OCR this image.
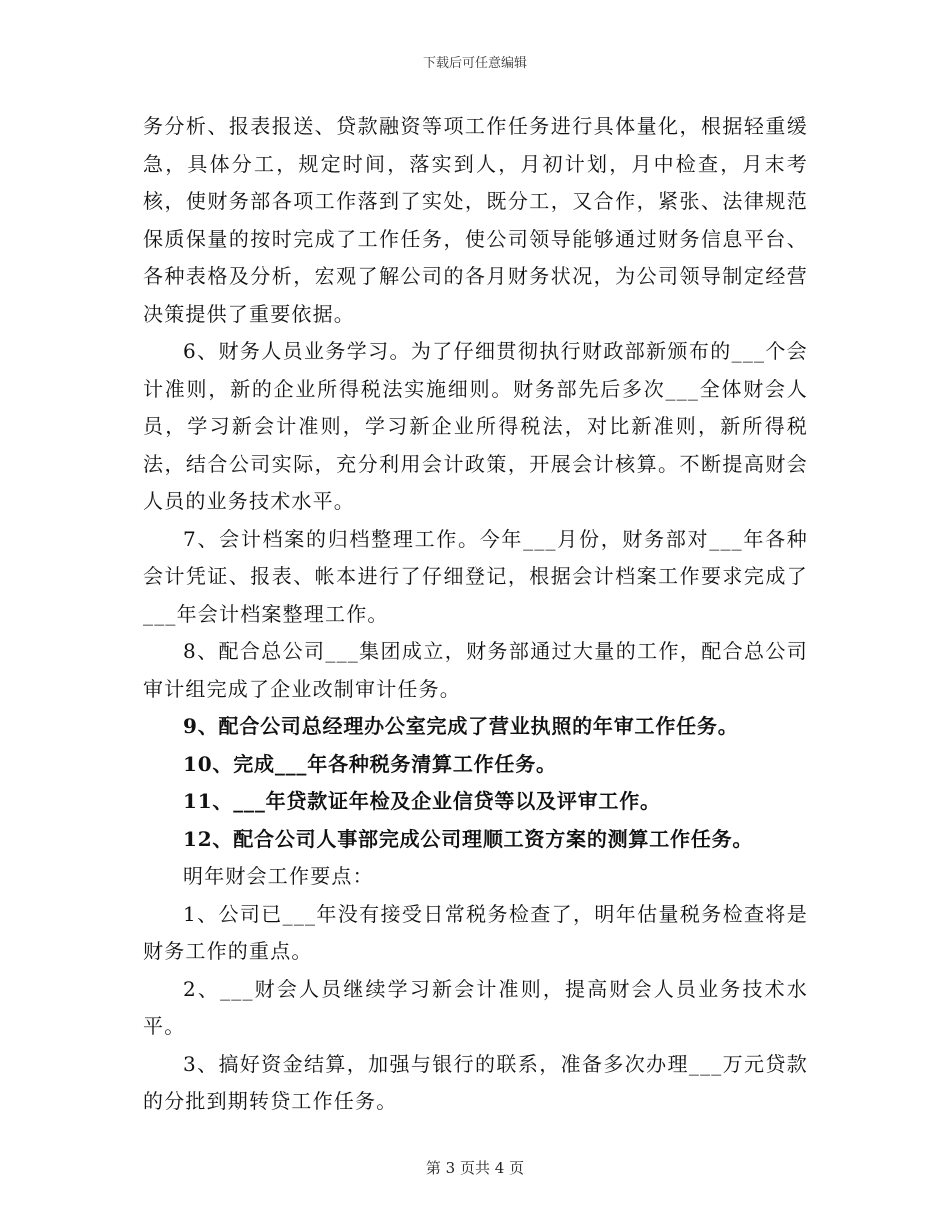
下载后可任意编辑

务分析、报表报送、贷款融资等项工作任务进行具体量化，根据轻重缓急，具体分工，规定时间，落实到人，月初计划，月中检查，月末考核，使财务部各项工作落到了实处，既分工，又合作，紧张、法律规范保质保量的按时完成了工作任务，使公司领导能够通过财务信息平台、各种表格及分析，宏观了解公司的各月财务状况，为公司领导制定经营决策提供了重要依据。

6、财务人员业务学习。为了仔细贯彻执行财政部新颁布的___个会计准则，新的企业所得税法实施细则。财务部先后多次___全体财会人员，学习新会计准则，学习新企业所得税法，对比新准则，新所得税法，结合公司实际，充分利用会计政策，开展会计核算。不断提高财会人员的业务技术水平。

7、会计档案的归档整理工作。今年___月份，财务部对___年各种会计凭证、报表、帐本进行了仔细登记，根据会计档案工作要求完成了___年会计档案整理工作。

8、配合总公司___集团成立，财务部通过大量的工作，配合总公司审计组完成了企业改制审计任务。

9、配合公司总经理办公室完成了营业执照的年审工作任务。

10、完成___年各种税务清算工作任务。

11、___年贷款证年检及企业信贷等以及评审工作。

12、配合公司人事部完成公司理顺工资方案的测算工作任务。

明年财会工作要点：

1、公司已___年没有接受日常税务检查了，明年估量税务检查将是财务工作的重点。

2、___财会人员继续学习新会计准则，提高财会人员业务技术水平。

3、搞好资金结算，加强与银行的联系，准备多次办理___万元贷款的分批到期转贷工作任务。

第 3 页共 4 页
